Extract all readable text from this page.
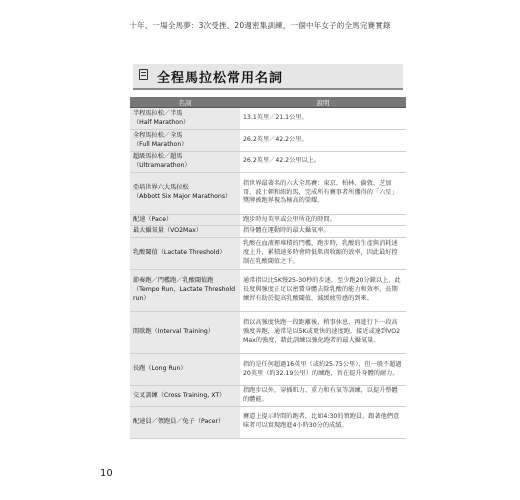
十年、一場全馬夢：3次受挫、20週密集訓練，一個中年女子的全馬完賽實錄
全程馬拉松常用名詞
名詞	說明
半程馬拉松／半馬
（Half Marathon）	13.1英里／21.1公里。
全程馬拉松／全馬
（Full Marathon）	26.2英里／42.2公里。
超級馬拉松／超馬
（Ultramarathon）	26.2英里／42.2公里以上。
亞培世界六大馬拉松
（Abbott Six Major Marathons）	指世界最著名的六大全馬賽：東京、柏林、倫敦、芝加哥、波士頓和紐約馬，完成所有賽事者所獲得的「六星」獎牌被跑界視為極高的榮耀。
配速（Pace）	跑步時每英里或公里所花的時間。
最大攝氧量（VO2Max）	指身體在運動時的最大攝氧率。
乳酸閾值（Lactate Threshold）	乳酸在血液裡堆積的門檻，跑步時，乳酸的生產與消耗速度上升，累積速多時會降低肌肉收縮的效率，因此最好控制在乳酸閾值之下。
節奏跑／門檻跑／乳酸閾值跑
（Tempo Run、Lactate Threshold run）	通常指以比5K慢25-30秒的步速，至少跑20分鐘以上，此長度與強度正足以密費身體去除乳酸的能力和效率，長期練習有助於提高乳酸閾值，減緩疲勞感的到來。
間歇跑（Interval Training）	指以高強度快跑一段距離後，稍事休息，再進行下一段高強度奔跑，通常是以5K或更快的速度跑，接近或達到VO2Max的強度，藉此訓練以強化跑者的最大攝氧量。
長跑（Long Run）	指的是任何超過16英里（或約25.75公里），但一般不超過20英里（約32.19公里）的練跑，旨在提升身體的耐力。
交叉訓練（Cross Training, XT）	指跑步以外，穿插肌力、重力和有氧等訓練，以提升整體的體能。
配速員／領跑員／兔子（Pacer）	賽道上提示時間的跑者，比如4:30的領跑員，跟著他們意味者可以實現跑進4小時30分的成績。
10
